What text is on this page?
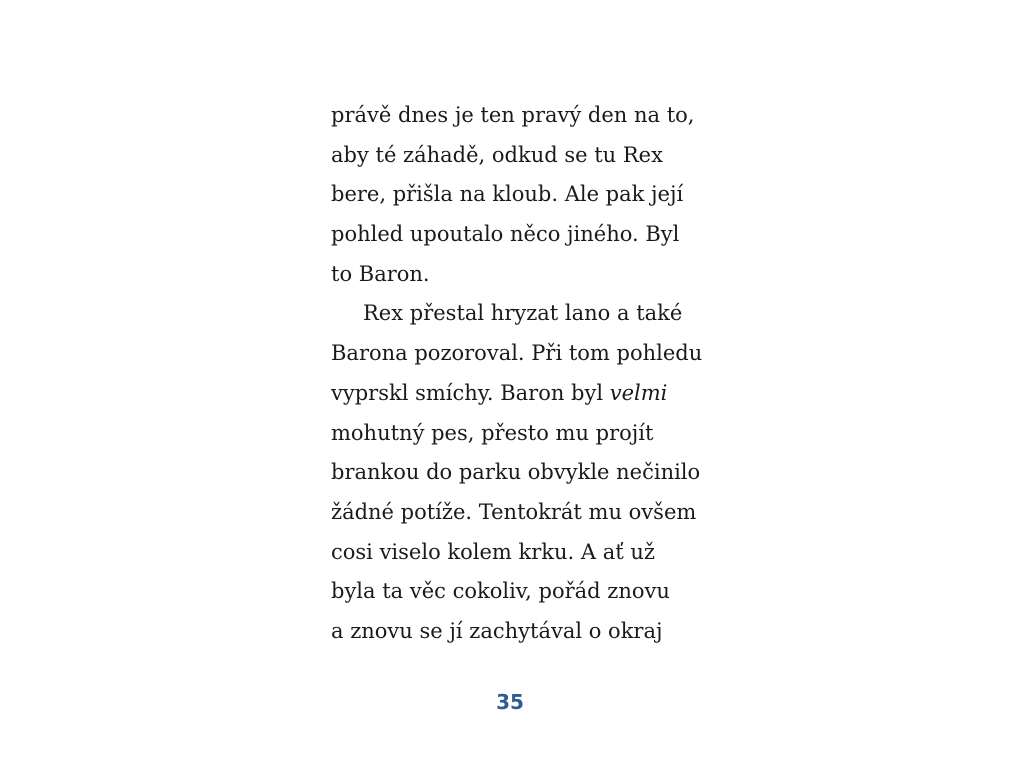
právě dnes je ten pravý den na to,
aby té záhadě, odkud se tu Rex
bere, přišla na kloub. Ale pak její
pohled upoutalo něco jiného. Byl
to Baron.
Rex přestal hryzat lano a také
Barona pozoroval. Při tom pohledu
vyprskl smíchy. Baron byl velmi
mohutný pes, přesto mu projít
brankou do parku obvykle nečinilo
žádné potíže. Tentokrát mu ovšem
cosi viselo kolem krku. A ať už
byla ta věc cokoliv, pořád znovu
a znovu se jí zachytával o okraj
35
